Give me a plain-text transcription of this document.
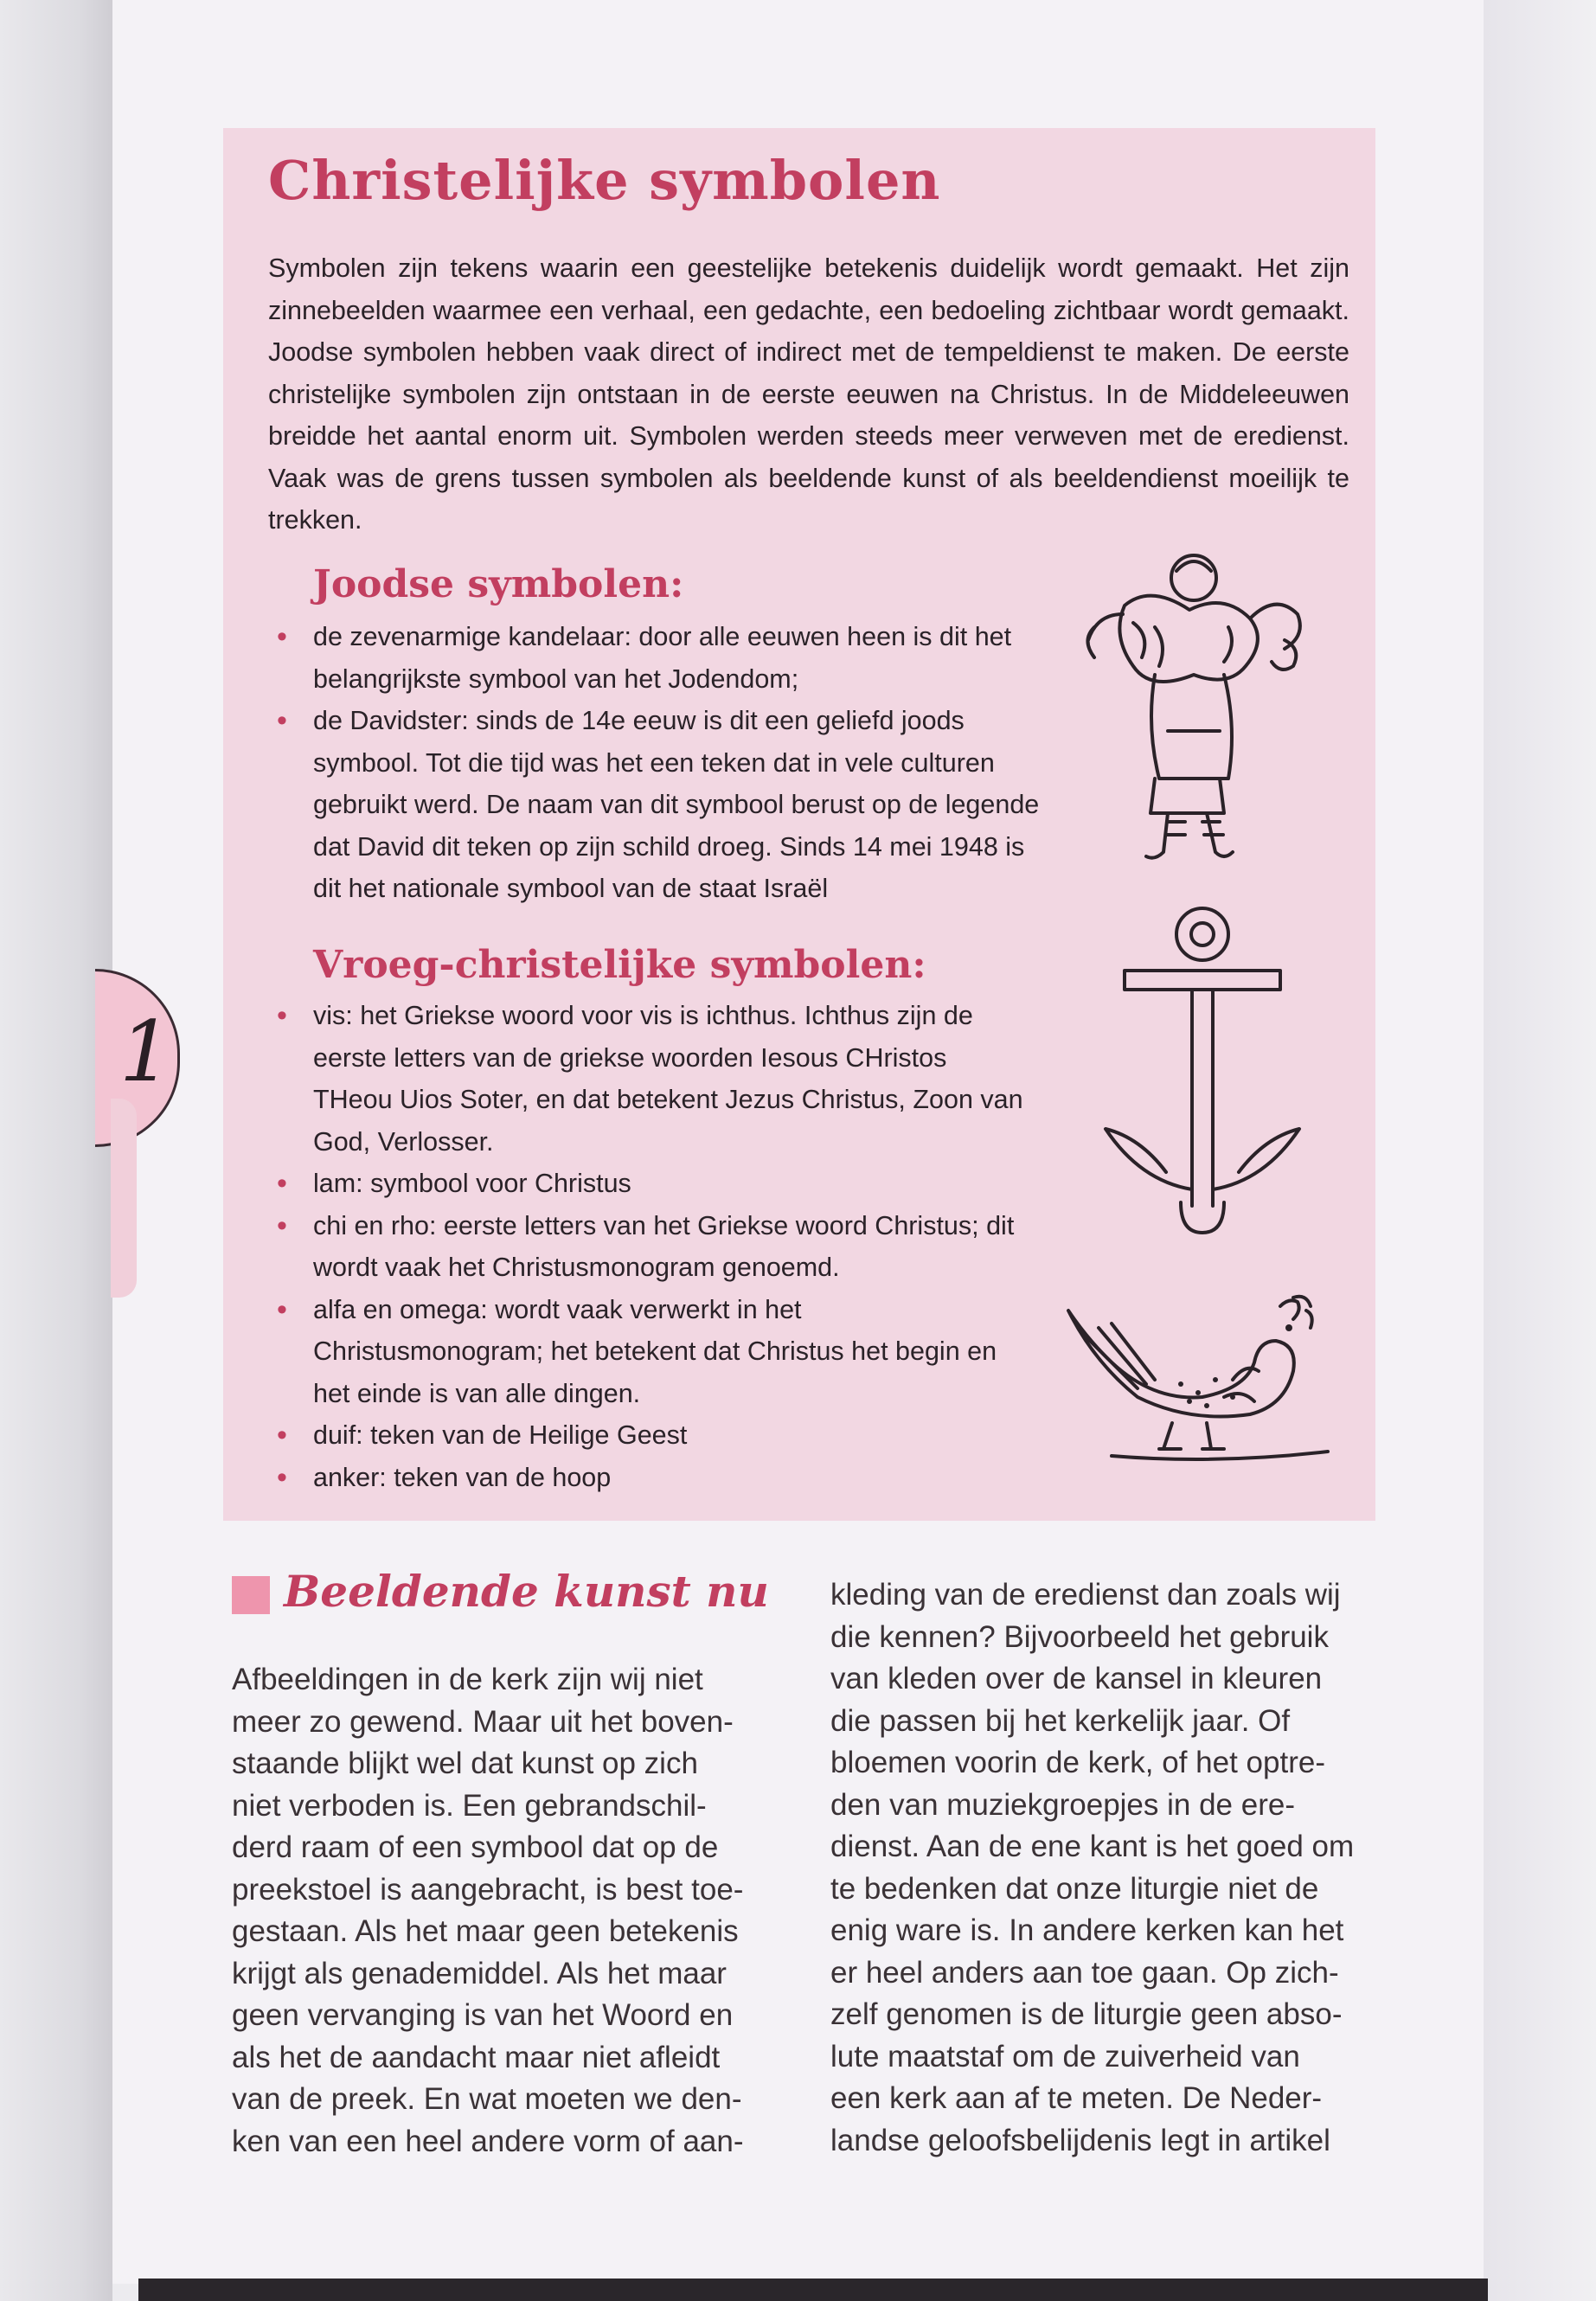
1
Christelijke symbolen

Symbolen zijn tekens waarin een geestelijke betekenis duidelijk wordt gemaakt. Het zijn zinnebeelden waarmee een verhaal, een gedachte, een bedoeling zichtbaar wordt gemaakt. Joodse symbolen hebben vaak direct of indirect met de tempeldienst te maken. De eerste christelijke symbolen zijn ontstaan in de eerste eeuwen na Christus. In de Middeleeuwen breidde het aantal enorm uit. Symbolen werden steeds meer verweven met de eredienst. Vaak was de grens tussen symbolen als beeldende kunst of als beeldendienst moeilijk te trekken.

Joodse symbolen:
• de zevenarmige kandelaar: door alle eeuwen heen is dit het belangrijkste symbool van het Jodendom;
• de Davidster: sinds de 14e eeuw is dit een geliefd joods symbool. Tot die tijd was het een teken dat in vele culturen gebruikt werd. De naam van dit symbool berust op de legende dat David dit teken op zijn schild droeg. Sinds 14 mei 1948 is dit het nationale symbool van de staat Israël
Vroeg-christelijke symbolen:
• vis: het Griekse woord voor vis is ichthus. Ichthus zijn de eerste letters van de griekse woorden Iesous CHristos THeou Uios Soter, en dat betekent Jezus Christus, Zoon van God, Verlosser.
• lam: symbool voor Christus
• chi en rho: eerste letters van het Griekse woord Christus; dit wordt vaak het Christusmonogram genoemd.
• alfa en omega: wordt vaak verwerkt in het Christusmonogram; het betekent dat Christus het begin en het einde is van alle dingen.
• duif: teken van de Heilige Geest
• anker: teken van de hoop
Beeldende kunst nu

Afbeeldingen in de kerk zijn wij niet
meer zo gewend. Maar uit het boven-
staande blijkt wel dat kunst op zich
niet verboden is. Een gebrandschil-
derd raam of een symbool dat op de
preekstoel is aangebracht, is best toe-
gestaan. Als het maar geen betekenis
krijgt als genademiddel. Als het maar
geen vervanging is van het Woord en
als het de aandacht maar niet afleidt
van de preek. En wat moeten we den-
ken van een heel andere vorm of aan-

kleding van de eredienst dan zoals wij
die kennen? Bijvoorbeeld het gebruik
van kleden over de kansel in kleuren
die passen bij het kerkelijk jaar. Of
bloemen voorin de kerk, of het optre-
den van muziekgroepjes in de ere-
dienst. Aan de ene kant is het goed om
te bedenken dat onze liturgie niet de
enig ware is. In andere kerken kan het
er heel anders aan toe gaan. Op zich-
zelf genomen is de liturgie geen abso-
lute maatstaf om de zuiverheid van
een kerk aan af te meten. De Neder-
landse geloofsbelijdenis legt in artikel
